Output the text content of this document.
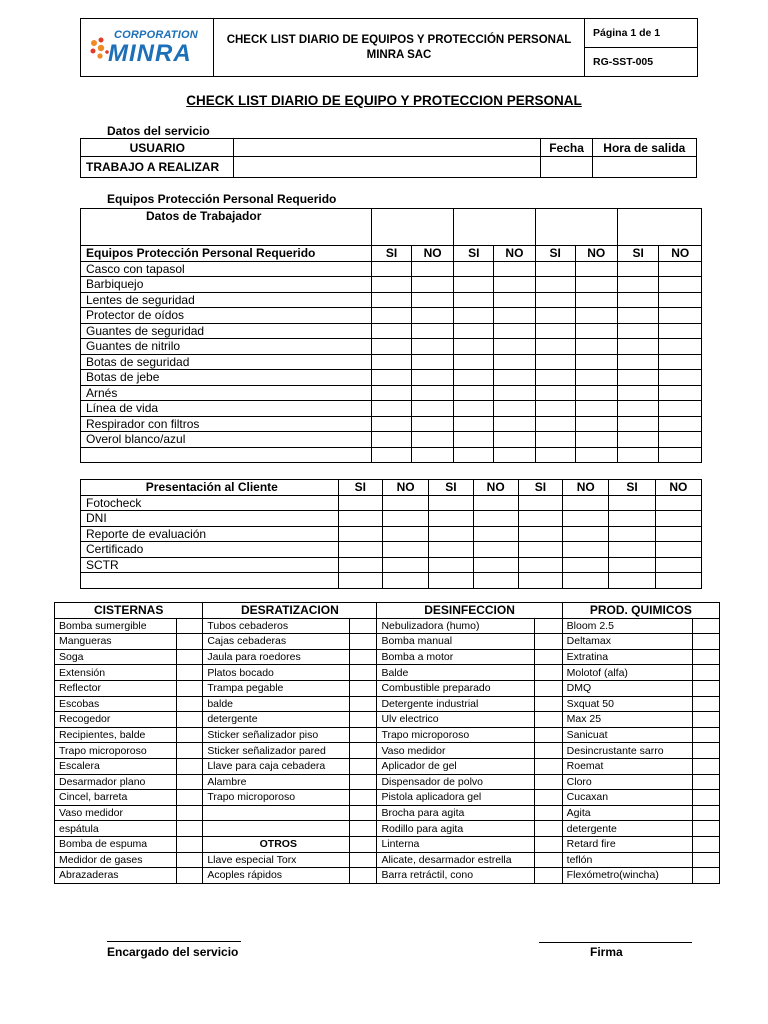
CORPORATION
MINRA	CHECK LIST DIARIO DE EQUIPOS Y PROTECCIÓN PERSONAL
MINRA SAC
	Página 1 de 1
RG-SST-005
CHECK LIST DIARIO DE EQUIPO Y PROTECCION PERSONAL
Datos del servicio
USUARIO		Fecha	Hora de salida
TRABAJO A REALIZAR			
Equipos Protección Personal Requerido
Datos de Trabajador								
Equipos Protección Personal Requerido	SI	NO	SI	NO	SI	NO	SI	NO
Casco con tapasol								
Barbiquejo								
Lentes de seguridad								
Protector de oídos								
Guantes de seguridad								
Guantes de nitrilo								
Botas de seguridad								
Botas de jebe								
Arnés								
Línea de vida								
Respirador con filtros								
Overol blanco/azul								

Presentación al Cliente	SI	NO	SI	NO	SI	NO	SI	NO
Fotocheck								
DNI								
Reporte de evaluación								
Certificado								
SCTR								

CISTERNAS		DESRATIZACION		DESINFECCION		PROD. QUIMICOS	
Bomba sumergible		Tubos cebaderos		Nebulizadora (humo)		Bloom 2.5	
Mangueras		Cajas cebaderas		Bomba manual		Deltamax	
Soga		Jaula para roedores		Bomba a motor		Extratina	
Extensión		Platos bocado		Balde		Molotof (alfa)	
Reflector		Trampa pegable		Combustible preparado		DMQ	
Escobas		balde		Detergente industrial		Sxquat 50	
Recogedor		detergente		Ulv electrico		Max 25	
Recipientes, balde		Sticker señalizador piso		Trapo microporoso		Sanicuat	
Trapo microporoso		Sticker señalizador pared		Vaso medidor		Desincrustante sarro	
Escalera		Llave para caja cebadera		Aplicador de gel		Roemat	
Desarmador plano		Alambre		Dispensador de polvo		Cloro	
Cincel, barreta		Trapo microporoso		Pistola aplicadora gel		Cucaxan	
Vaso medidor				Brocha para agita		Agita	
espátula				Rodillo para agita		detergente	
Bomba de espuma		OTROS		Linterna		Retard fire	
Medidor de gases		Llave especial Torx		Alicate, desarmador estrella		teflón	
Abrazaderas		Acoples rápidos		Barra retráctil, cono		Flexómetro(wincha)	
Encargado del servicio	Firma
